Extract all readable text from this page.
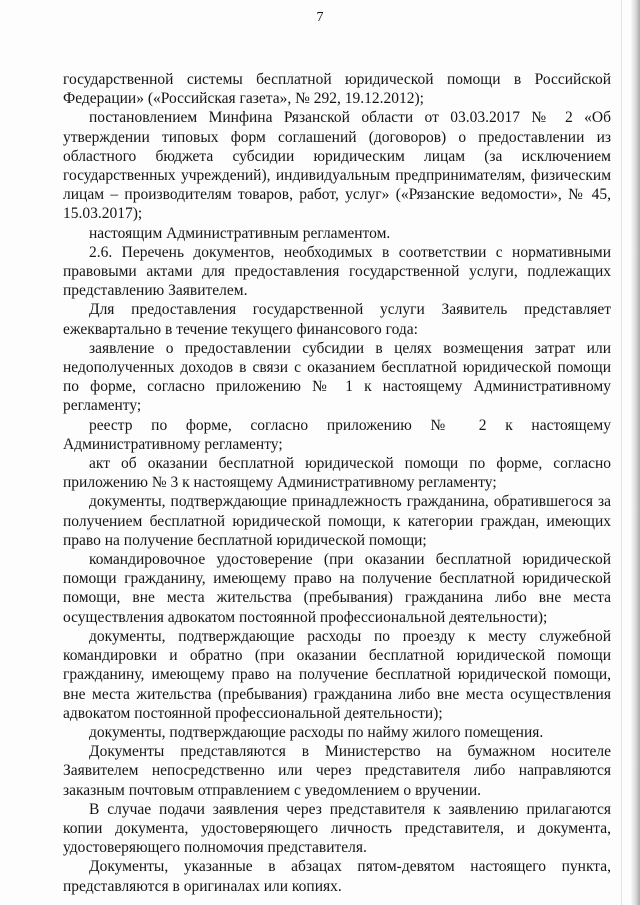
7

государственной системы бесплатной юридической помощи в Российской Федерации» («Российская газета», № 292, 19.12.2012);

постановлением Минфина Рязанской области от 03.03.2017 № 2 «Об утверждении типовых форм соглашений (договоров) о предоставлении из областного бюджета субсидии юридическим лицам (за исключением государственных учреждений), индивидуальным предпринимателям, физическим лицам – производителям товаров, работ, услуг» («Рязанские ведомости», № 45, 15.03.2017);

настоящим Административным регламентом.

2.6. Перечень документов, необходимых в соответствии с нормативными правовыми актами для предоставления государственной услуги, подлежащих представлению Заявителем.

Для предоставления государственной услуги Заявитель представляет ежеквартально в течение текущего финансового года:

заявление о предоставлении субсидии в целях возмещения затрат или недополученных доходов в связи с оказанием бесплатной юридической помощи по форме, согласно приложению № 1 к настоящему Административному регламенту;

реестр по форме, согласно приложению № 2 к настоящему Административному регламенту;

акт об оказании бесплатной юридической помощи по форме, согласно приложению № 3 к настоящему Административному регламенту;

документы, подтверждающие принадлежность гражданина, обратившегося за получением бесплатной юридической помощи, к категории граждан, имеющих право на получение бесплатной юридической помощи;

командировочное удостоверение (при оказании бесплатной юридической помощи гражданину, имеющему право на получение бесплатной юридической помощи, вне места жительства (пребывания) гражданина либо вне места осуществления адвокатом постоянной профессиональной деятельности);

документы, подтверждающие расходы по проезду к месту служебной командировки и обратно (при оказании бесплатной юридической помощи гражданину, имеющему право на получение бесплатной юридической помощи, вне места жительства (пребывания) гражданина либо вне места осуществления адвокатом постоянной профессиональной деятельности);

документы, подтверждающие расходы по найму жилого помещения.

Документы представляются в Министерство на бумажном носителе Заявителем непосредственно или через представителя либо направляются заказным почтовым отправлением с уведомлением о вручении.

В случае подачи заявления через представителя к заявлению прилагаются копии документа, удостоверяющего личность представителя, и документа, удостоверяющего полномочия представителя.

Документы, указанные в абзацах пятом-девятом настоящего пункта, представляются в оригиналах или копиях.
